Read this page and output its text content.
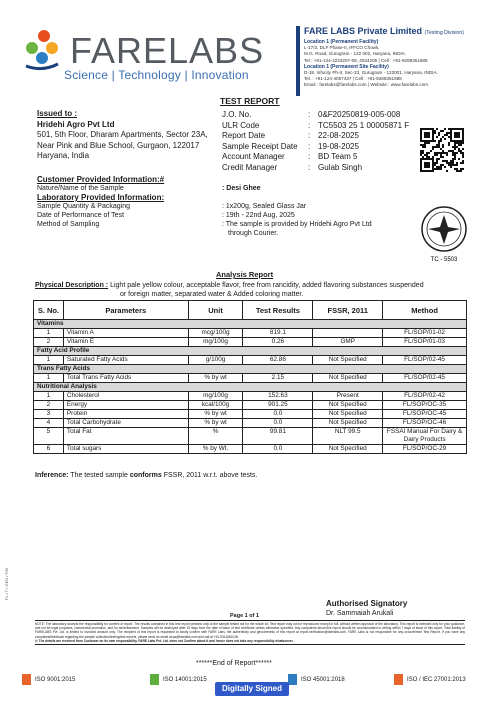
FARELABS
Science | Technology | Innovation
FARE LABS Private Limited (Testing Division)
Location 1 (Permanent Facility)
L-17/3, DLF Phase-II, IFFCO Chowk,
M.G. Road, Gurugram - 122 002, Haryana, INDIA.
Tel : +91-124-4223207-08, 4034205 | Cell : +91-9289351688
Location 1 (Permanent Site Facility)
D-18, Infocity Ph-II, Sec-33, Gurugram - 122001, Haryana, INDIA.
Tel. : +91-124-4057437 | Cell : +91-9289351688
Email : farelabs@farelabs.com | Website : www.farelabs.com
TEST REPORT
Issued to :
Hridehi Agro Pvt Ltd
501, 5th Floor, Dharam Apartments, Sector 23A,
Near Pink and Blue School, Gurgaon, 122017
Haryana, India
J.O. No.	: 0&F20250819-005-008
ULR Code	: TC5503 25 1 00005871 F
Report Date	: 22-08-2025
Sample Receipt Date	: 19-08-2025
Account Manager	: BD Team 5
Credit Manager	: Gulab Singh
Customer Provided Information:#
Nature/Name of the Sample	: Desi Ghee
Laboratory Provided Information:
Sample Quantity & Packaging	: 1x200g, Sealed Glass Jar
Date of Performance of Test	: 19th - 22nd Aug, 2025
Method of Sampling	: The sample is provided by Hridehi Agro Pvt Ltd
through Courier.
TC - 5503
Analysis Report
Physical Description : Light pale yellow colour, acceptable flavor, free from rancidity, added flavoring substances suspended
or foreign matter, separated water & Added coloring matter.
S. No.	Parameters	Unit	Test Results	FSSR, 2011	Method
Vitamins					
1	Vitamin A	mcg/100g	819.1		FL/SOP/01-02
2	Vitamin E	mg/100g	0.26	GMP	FL/SOP/01-03
Fatty Acid Profile					
1	Saturated Fatty Acids	g/100g	62.86	Not Specified	FL/SOP/02-45
Trans Fatty Acids					
1	Total Trans Fatty Acids	% by wt	2.15	Not Specified	FL/SOP/02-45
Nutritional Analysis					
1	Cholesterol	mg/100g	152.63	Present	FL/SOP/02-42
2	Energy	kcal/100g	901.25	Not Specified	FL/SOP/OC-35
3	Protein	% by wt	0.0	Not Specified	FL/SOP/OC-45
4	Total Carbohydrate	% by wt	0.0	Not Specified	FL/SOP/OC-46
5	Total Fat	%	99.81	NLT 99.5	FSSAI Manual For Dairy & Dairy Products
6	Total sugars	% by Wt.	0.0	Not Specified	FL/SOP/OC-29
Inference: The tested sample conforms FSSR, 2011 w.r.t. above tests.
FL / T / GEN / F25
Authorised Signatory
Dr. Sammaiah Arukali
Page 1 of 1
NOTE: The laboratory accepts the responsibility for content of report. The results contained in this test report pertains only to the sample tested not for the whole lot. Test report may not be reproduced except in full, without written approval of the laboratory. This report is intended only for your guidance, and not for legal purposes, commercial promotion, and for advertisement. Samples will be destroyed after 15 days from the date of issue of test certificate unless otherwise specified. Any complaints about this report should be communicated in writing within 7 days of issue of this report. Total liability of FARELABS Pvt. Ltd. is limited to invoiced amount only. The recipient of this report is requested to kindly confirm with FARE Labs, the authenticity and genuineness of this report at report.verification@farelabs.com. FARE Labs is not responsible for any unconfirmed Test Report. If you have any complaints/feedback regarding the sample collection/testing/test reports, please send an email at qa@farelabs.com and call at +91-9311661018.
#: The details are received from Customer on its own responsibility. FARE Labs Pvt. Ltd. does not Confirm about it and hence does not take any responsibility whatsoever.
******End of Report******
ISO 9001:2015	ISO 14001:2015	ISO 45001:2018	ISO / IEC 27001:2013
Digitally Signed
